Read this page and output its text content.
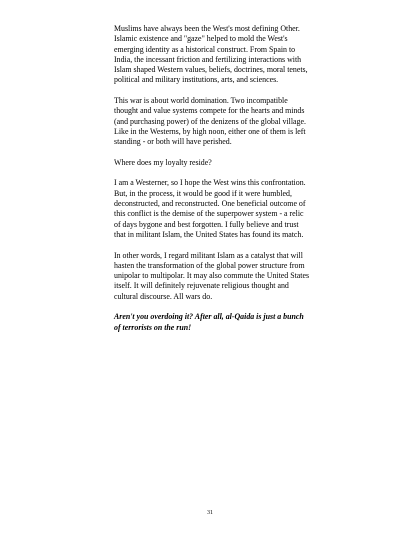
Muslims have always been the West's most defining Other. Islamic existence and "gaze" helped to mold the West's emerging identity as a historical construct. From Spain to India, the incessant friction and fertilizing interactions with Islam shaped Western values, beliefs, doctrines, moral tenets, political and military institutions, arts, and sciences.

This war is about world domination. Two incompatible thought and value systems compete for the hearts and minds (and purchasing power) of the denizens of the global village. Like in the Westerns, by high noon, either one of them is left standing - or both will have perished.

Where does my loyalty reside?

I am a Westerner, so I hope the West wins this confrontation. But, in the process, it would be good if it were humbled, deconstructed, and reconstructed. One beneficial outcome of this conflict is the demise of the superpower system - a relic of days bygone and best forgotten. I fully believe and trust that in militant Islam, the United States has found its match.

In other words, I regard militant Islam as a catalyst that will hasten the transformation of the global power structure from unipolar to multipolar. It may also commute the United States itself. It will definitely rejuvenate religious thought and cultural discourse. All wars do.

Aren't you overdoing it? After all, al-Qaida is just a bunch of terrorists on the run!

31
